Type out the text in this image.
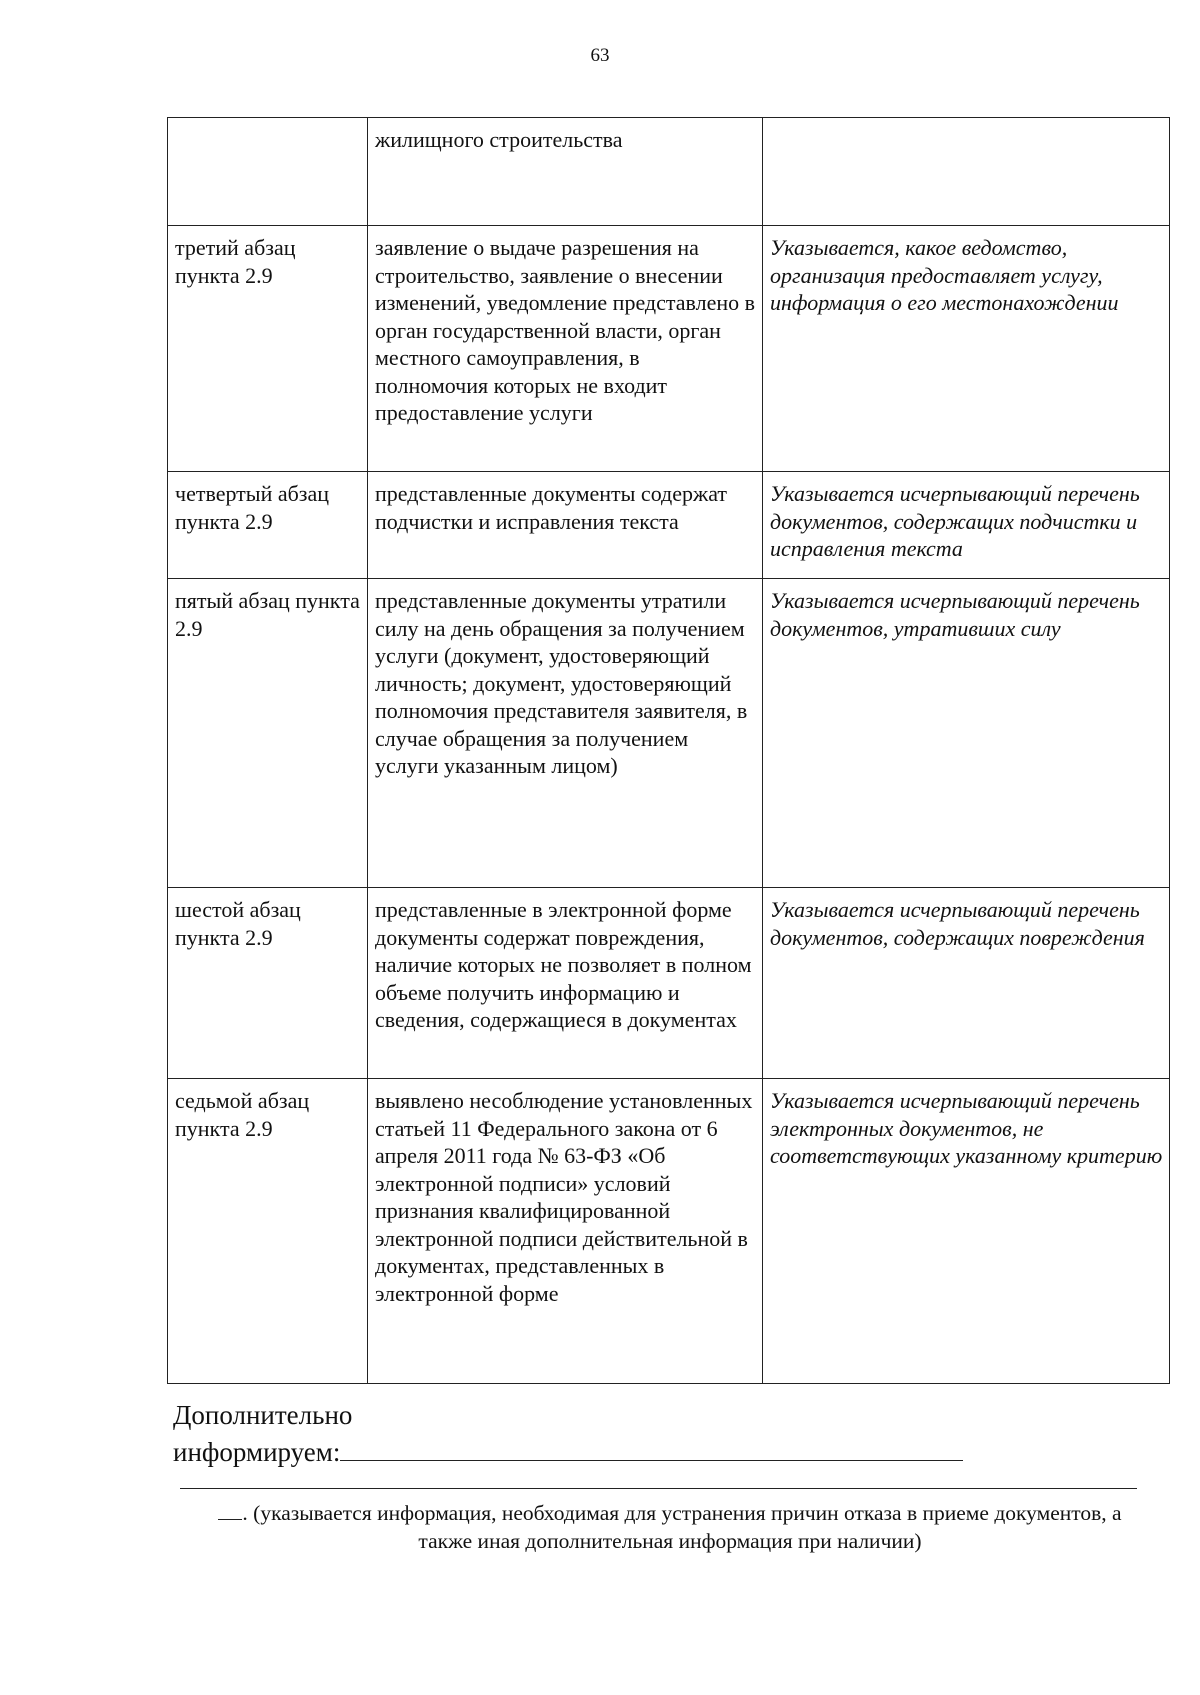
63

	жилищного строительства	

третий абзац пункта 2.9	заявление о выдаче разрешения на строительство, заявление о внесении изменений, уведомление представлено в орган государственной власти, орган местного самоуправления, в полномочия которых не входит предоставление услуги	Указывается, какое ведомство, организация предоставляет услугу, информация о его местонахождении

четвертый абзац пункта 2.9	представленные документы содержат подчистки и исправления текста	Указывается исчерпывающий перечень документов, содержащих подчистки и исправления текста

пятый абзац пункта 2.9	представленные документы утратили силу на день обращения за получением услуги (документ, удостоверяющий личность; документ, удостоверяющий полномочия представителя заявителя, в случае обращения за получением услуги указанным лицом)	Указывается исчерпывающий перечень документов, утративших силу

шестой абзац пункта 2.9	представленные в электронной форме документы содержат повреждения, наличие которых не позволяет в полном объеме получить информацию и сведения, содержащиеся в документах	Указывается исчерпывающий перечень документов, содержащих повреждения

седьмой абзац пункта 2.9	выявлено несоблюдение установленных статьей 11 Федерального закона от 6 апреля 2011 года № 63-ФЗ «Об электронной подписи» условий признания квалифицированной электронной подписи действительной в документах, представленных в электронной форме	Указывается исчерпывающий перечень электронных документов, не соответствующих указанному критерию
Дополнительно
информируем:
. (указывается информация, необходимая для устранения причин отказа в приеме документов, а также иная дополнительная информация при наличии)
